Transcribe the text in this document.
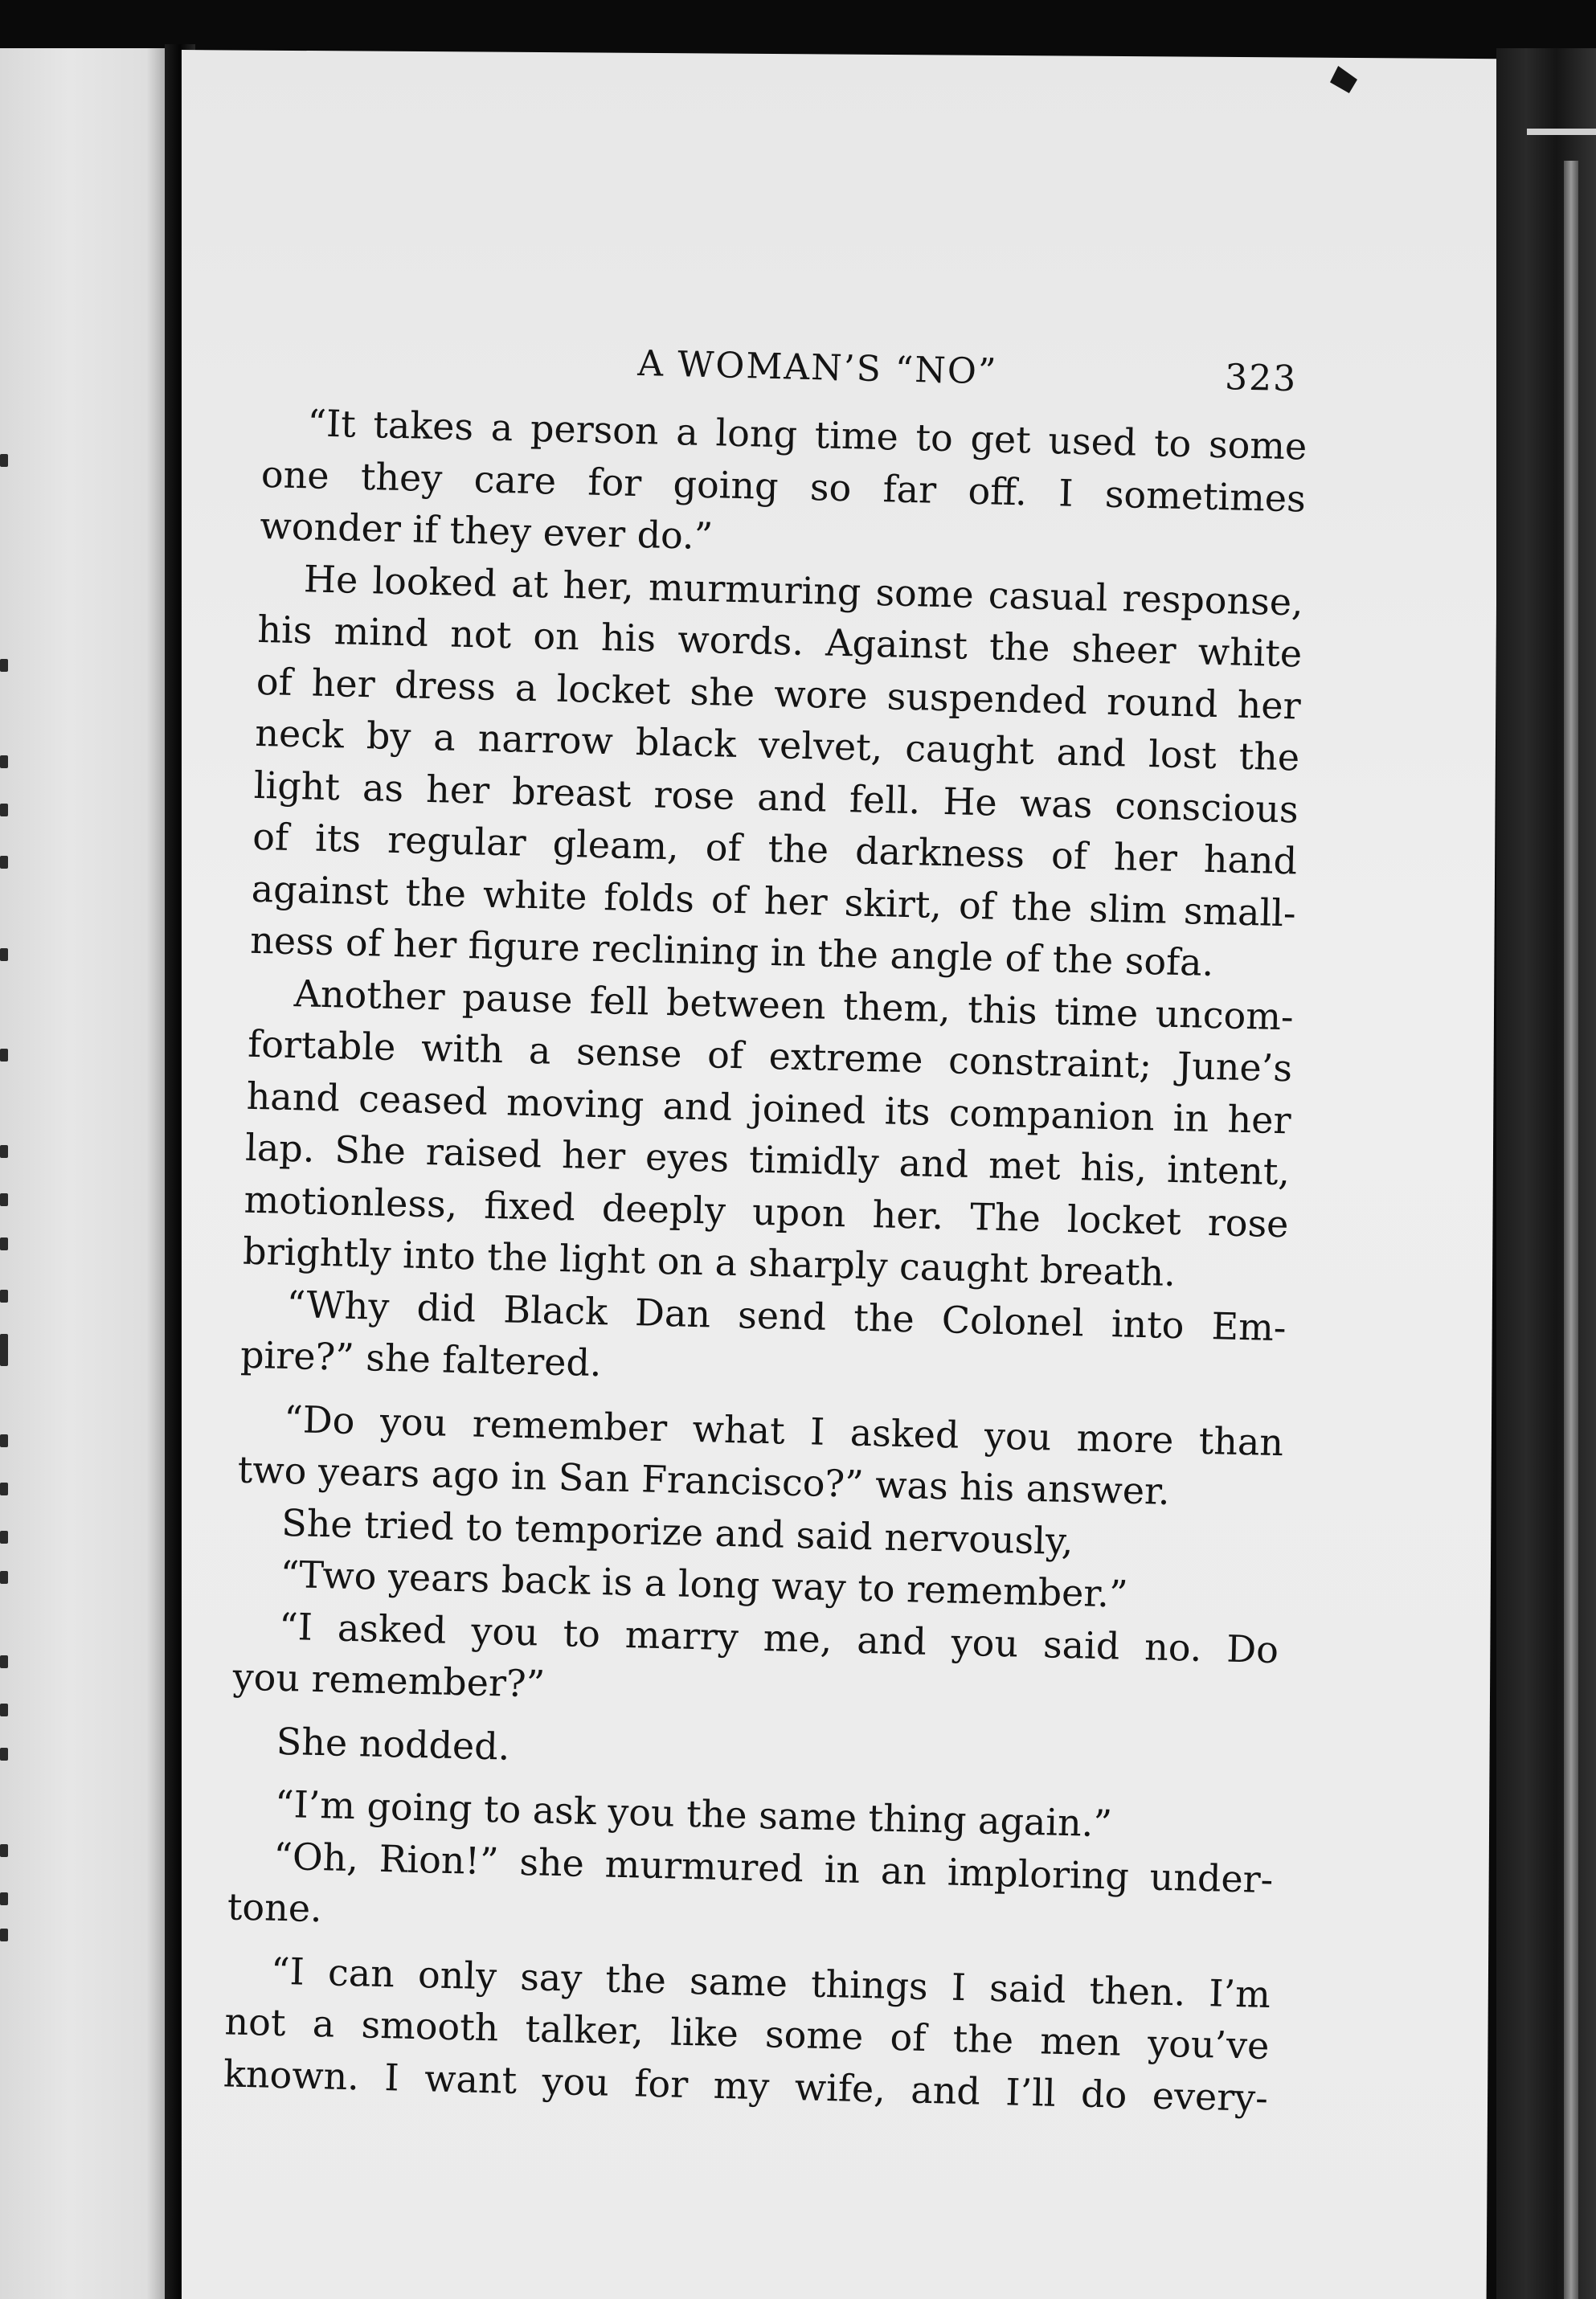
A WOMAN’S “NO”	323
“It takes a person a long time to get used to some
one they care for going so far off. I sometimes
wonder if they ever do.”
He looked at her, murmuring some casual response,
his mind not on his words. Against the sheer white
of her dress a locket she wore suspended round her
neck by a narrow black velvet, caught and lost the
light as her breast rose and fell. He was conscious
of its regular gleam, of the darkness of her hand
against the white folds of her skirt, of the slim small-
ness of her figure reclining in the angle of the sofa.
Another pause fell between them, this time uncom-
fortable with a sense of extreme constraint; June’s
hand ceased moving and joined its companion in her
lap. She raised her eyes timidly and met his, intent,
motionless, fixed deeply upon her. The locket rose
brightly into the light on a sharply caught breath.
“Why did Black Dan send the Colonel into Em-
pire?” she faltered.
“Do you remember what I asked you more than
two years ago in San Francisco?” was his answer.
She tried to temporize and said nervously,
“Two years back is a long way to remember.”
“I asked you to marry me, and you said no. Do
you remember?”
She nodded.
“I’m going to ask you the same thing again.”
“Oh, Rion!” she murmured in an imploring under-
tone.
“I can only say the same things I said then. I’m
not a smooth talker, like some of the men you’ve
known. I want you for my wife, and I’ll do every-
